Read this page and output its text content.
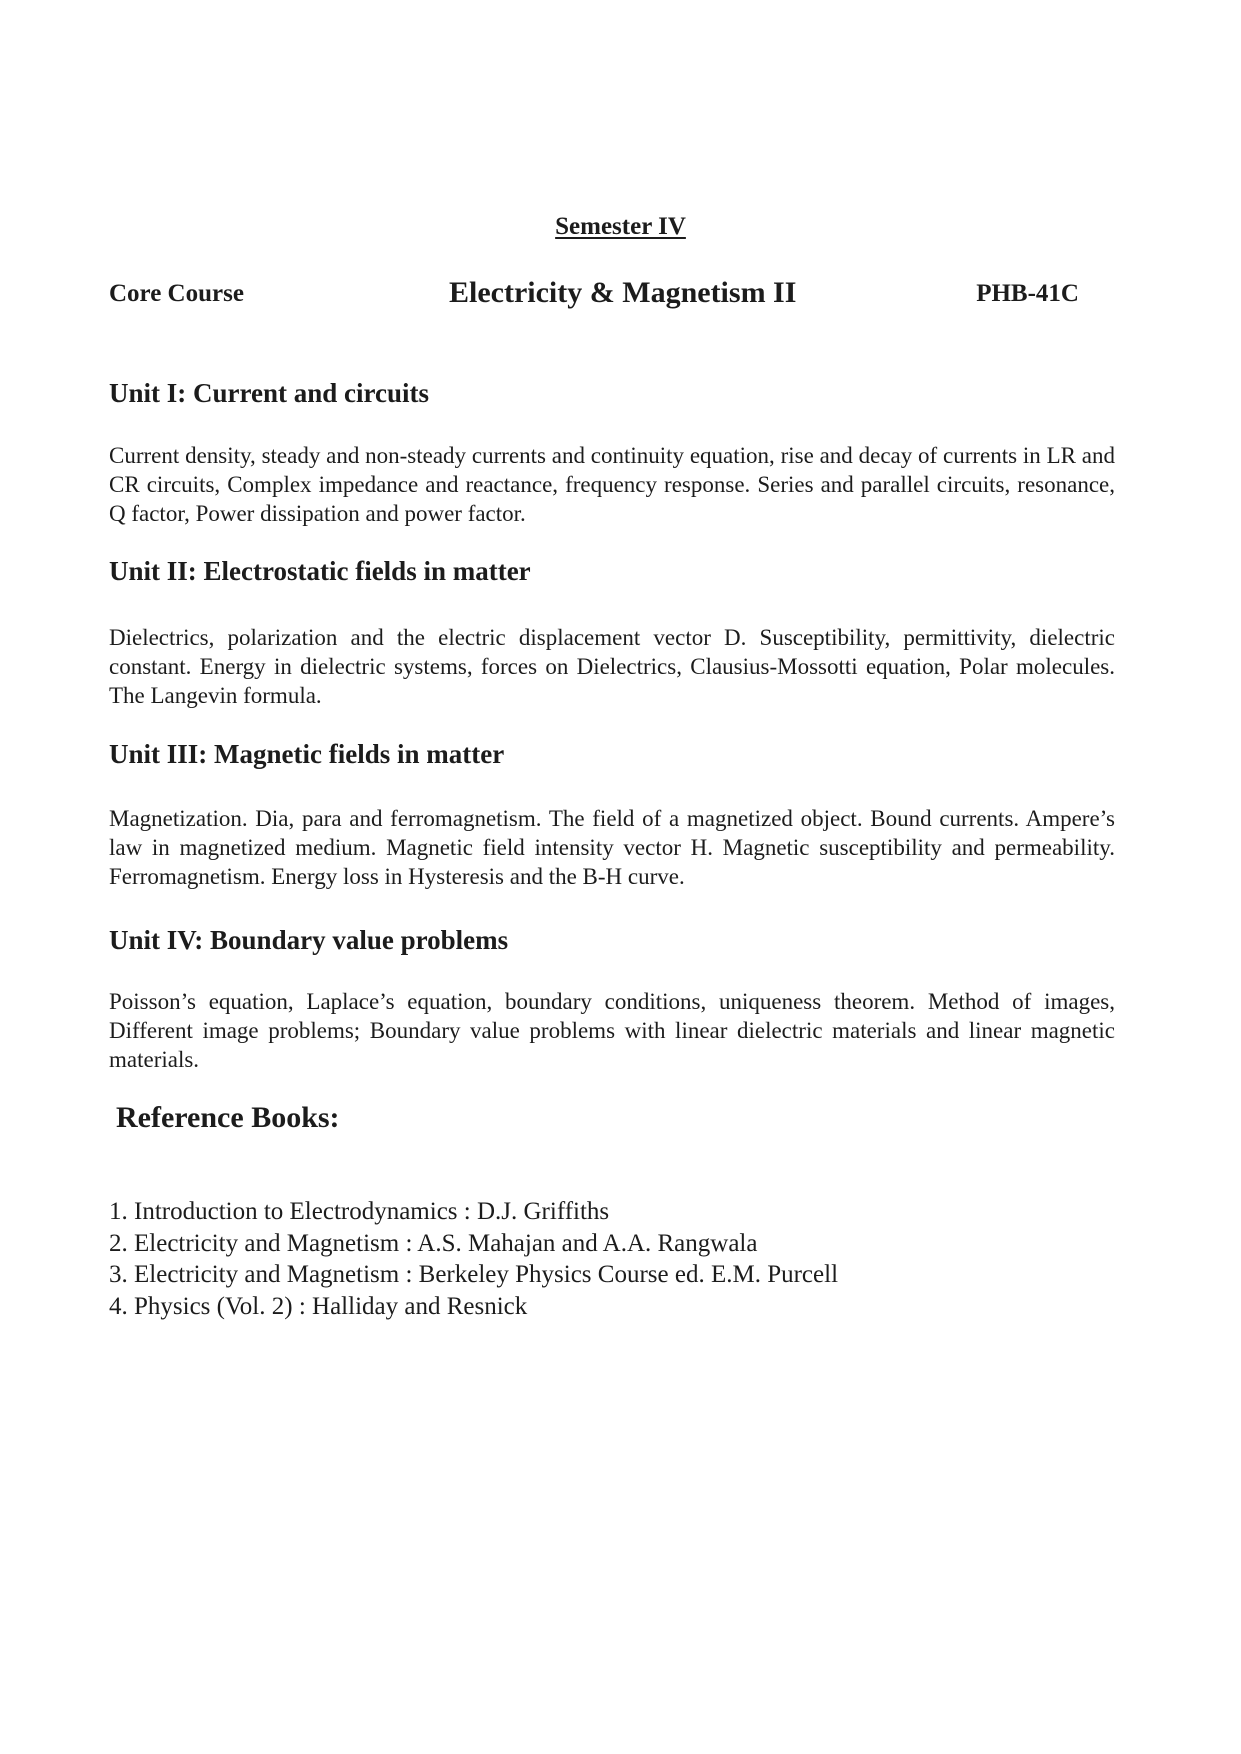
Semester IV
Core Course	Electricity & Magnetism II	PHB-41C
Unit I: Current and circuits

Current density, steady and non-steady currents and continuity equation, rise and decay of currents in LR and CR circuits, Complex impedance and reactance, frequency response. Series and parallel circuits, resonance, Q factor, Power dissipation and power factor.

Unit II: Electrostatic fields in matter

Dielectrics, polarization and the electric displacement vector D. Susceptibility, permittivity, dielectric constant. Energy in dielectric systems, forces on Dielectrics, Clausius-Mossotti equation, Polar molecules. The Langevin formula.

Unit III: Magnetic fields in matter

Magnetization. Dia, para and ferromagnetism. The field of a magnetized object. Bound currents. Ampere’s law in magnetized medium. Magnetic field intensity vector H. Magnetic susceptibility and permeability. Ferromagnetism. Energy loss in Hysteresis and the B-H curve.

Unit IV: Boundary value problems

Poisson’s equation, Laplace’s equation, boundary conditions, uniqueness theorem. Method of images, Different image problems; Boundary value problems with linear dielectric materials and linear magnetic materials.

Reference Books:
1. Introduction to Electrodynamics : D.J. Griffiths
2. Electricity and Magnetism : A.S. Mahajan and A.A. Rangwala
3. Electricity and Magnetism : Berkeley Physics Course ed. E.M. Purcell
4. Physics (Vol. 2) : Halliday and Resnick
